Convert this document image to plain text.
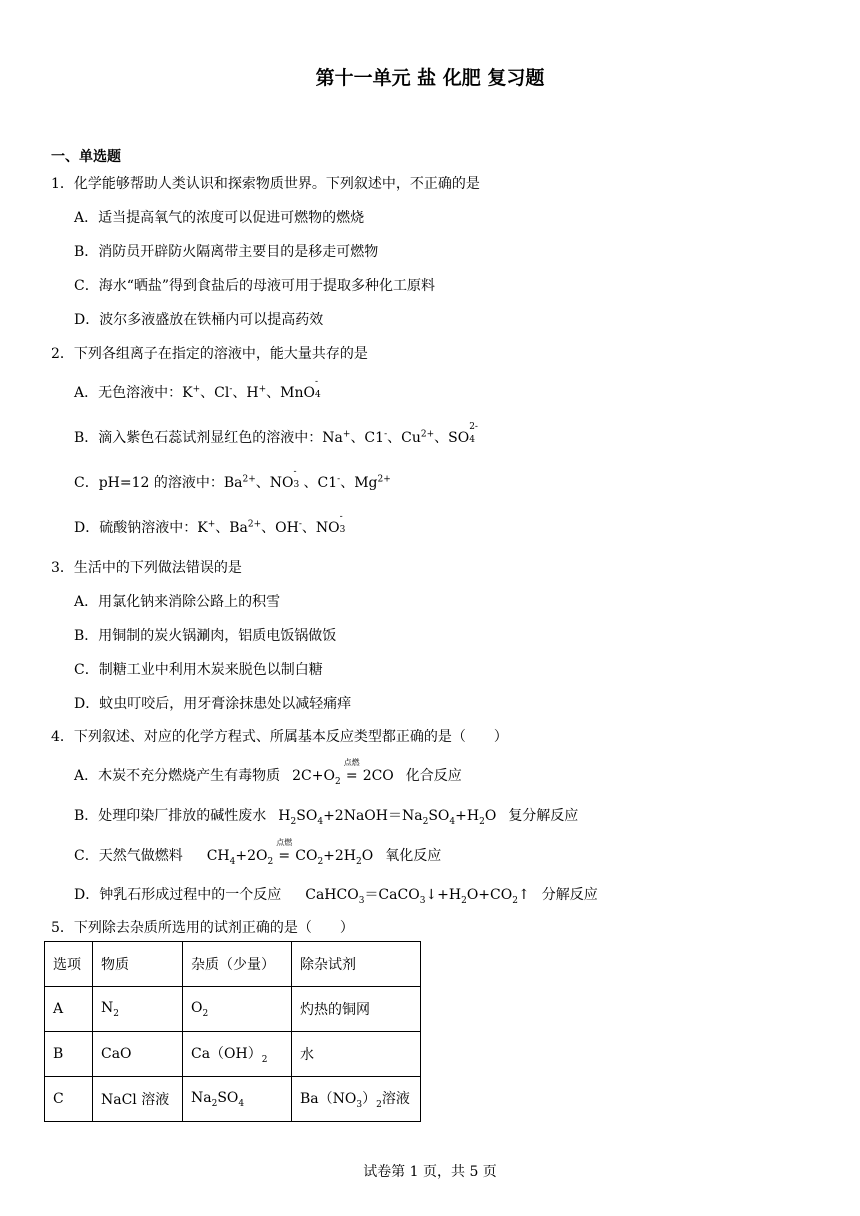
第十一单元 盐 化肥 复习题
一、单选题
1．化学能够帮助人类认识和探索物质世界。下列叙述中，不正确的是
A．适当提高氧气的浓度可以促进可燃物的燃烧
B．消防员开辟防火隔离带主要目的是移走可燃物
C．海水“晒盐”得到食盐后的母液可用于提取多种化工原料
D．波尔多液盛放在铁桶内可以提高药效
2．下列各组离子在指定的溶液中，能大量共存的是
A．无色溶液中：K+、Cl-、H+、MnO
-
4
B．滴入紫色石蕊试剂显红色的溶液中：Na+、C1-、$Cu^{2+}$、SO
2-
4
C．pH=12 的溶液中：$Ba^{2+}$、NO
-
3 、C1-、$Mg^{2+}$
D．硫酸钠溶液中：K+、$Ba^{2+}$、OH-、NO
-
3
3．生活中的下列做法错误的是
A．用氯化钠来消除公路上的积雪
B．用铜制的炭火锅涮肉，铝质电饭锅做饭
C．制糖工业中利用木炭来脱色以制白糖
D．蚊虫叮咬后，用牙膏涂抹患处以减轻痛痒
4．下列叙述、对应的化学方程式、所属基本反应类型都正确的是（　　）
A．木炭不充分燃烧产生有毒物质 $2C+O_2$
点燃
= 2CO 化合反应
B．处理印染厂排放的碱性废水 $H_2SO_4+2NaOH=Na_2SO_4+H_2O$ 复分解反应
C．天然气做燃料 $CH_4+2O_2$
点燃
= $CO_2+2H_2O$ 氧化反应
D．钟乳石形成过程中的一个反应 $CaHCO_3=CaCO_3↓+H_2O+CO_2↑$ 分解反应
5．下列除去杂质所选用的试剂正确的是（　　）
选项	物质	杂质（少量）	除杂试剂
A	$N_2$	$O_2$	灼热的铜网
B	CaO	$Ca(OH)_2$	水
C	NaCl 溶液	$Na_2SO_4$	$Ba(NO_3)_2$溶液
试卷第 1 页，共 5 页
